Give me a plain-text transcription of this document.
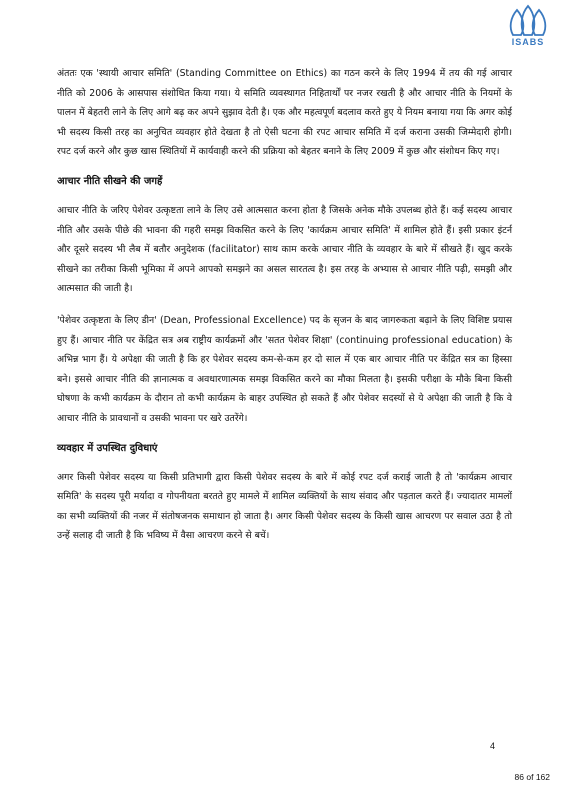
ISABS

अंततः एक 'स्थायी आचार समिति' (Standing Committee on Ethics) का गठन करने के लिए 1994 में तय की गई आचार नीति को 2006 के आसपास संशोधित किया गया। ये समिति व्यवस्थागत निहितार्थों पर नजर रखती है और आचार नीति के नियमों के पालन में बेहतरी लाने के लिए आगे बढ़ कर अपने सुझाव देती है। एक और महत्वपूर्ण बदलाव करते हुए ये नियम बनाया गया कि अगर कोई भी सदस्य किसी तरह का अनुचित व्यवहार होते देखता है तो ऐसी घटना की रपट आचार समिति में दर्ज कराना उसकी जिम्मेदारी होगी। रपट दर्ज करने और कुछ खास स्थितियों में कार्यवाही करने की प्रक्रिया को बेहतर बनाने के लिए 2009 में कुछ और संशोधन किए गए।

आचार नीति सीखने की जगहें

आचार नीति के जरिए पेशेवर उत्कृष्टता लाने के लिए उसे आत्मसात करना होता है जिसके अनेक मौके उपलब्ध होते हैं। कई सदस्य आचार नीति और उसके पीछे की भावना की गहरी समझ विकसित करने के लिए 'कार्यक्रम आचार समिति' में शामिल होते हैं। इसी प्रकार इंटर्न और दूसरे सदस्य भी लैब में बतौर अनुदेशक (facilitator) साथ काम करके आचार नीति के व्यवहार के बारे में सीखते हैं। खुद करके सीखने का तरीका किसी भूमिका में अपने आपको समझने का असल सारतत्व है। इस तरह के अभ्यास से आचार नीति पढ़ी, समझी और आत्मसात की जाती है।

'पेशेवर उत्कृष्टता के लिए डीन' (Dean, Professional Excellence) पद के सृजन के बाद जागरुकता बढ़ाने के लिए विशिष्ट प्रयास हुए हैं। आचार नीति पर केंद्रित सत्र अब राष्ट्रीय कार्यक्रमों और 'सतत पेशेवर शिक्षा' (continuing professional education) के अभिन्न भाग हैं। ये अपेक्षा की जाती है कि हर पेशेवर सदस्य कम-से-कम हर दो साल में एक बार आचार नीति पर केंद्रित सत्र का हिस्सा बने। इससे आचार नीति की ज्ञानात्मक व अवधारणात्मक समझ विकसित करने का मौका मिलता है। इसकी परीक्षा के मौके बिना किसी घोषणा के कभी कार्यक्रम के दौरान तो कभी कार्यक्रम के बाहर उपस्थित हो सकते हैं और पेशेवर सदस्यों से ये अपेक्षा की जाती है कि वे आचार नीति के प्रावधानों व उसकी भावना पर खरे उतरेंगे।

व्यवहार में उपस्थित दुविधाएं

अगर किसी पेशेवर सदस्य या किसी प्रतिभागी द्वारा किसी पेशेवर सदस्य के बारे में कोई रपट दर्ज कराई जाती है तो 'कार्यक्रम आचार समिति' के सदस्य पूरी मर्यादा व गोपनीयता बरतते हुए मामले में शामिल व्यक्तियों के साथ संवाद और पड़ताल करते हैं। ज्यादातर मामलों का सभी व्यक्तियों की नजर में संतोषजनक समाधान हो जाता है। अगर किसी पेशेवर सदस्य के किसी खास आचरण पर सवाल उठा है तो उन्हें सलाह दी जाती है कि भविष्य में वैसा आचरण करने से बचें।

4
86 of 162
